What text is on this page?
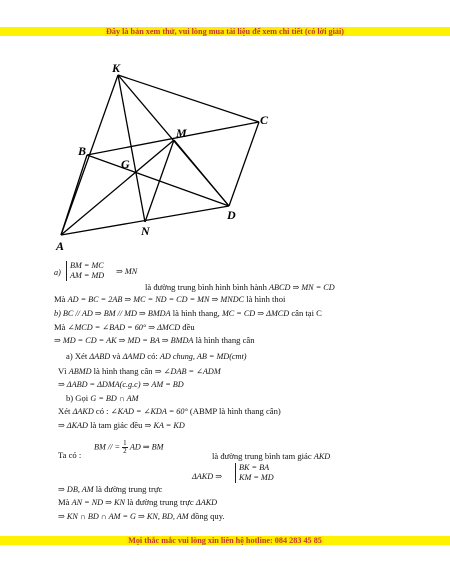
Đây là bản xem thử, vui lòng mua tài liệu để xem chi tiết (có lời giải)
K
C
B
M
G
D
N
A
a)
BM = MC
AM = MD ⇒ MN
là đường trung bình hình bình hành ABCD ⇒ MN = CD
Mà AD = BC = 2AB ⇒ MC = ND = CD = MN ⇒ MNDC là hình thoi
b) BC // AD ⇒ BM // MD ⇒ BMDA là hình thang, MC = CD ⇒ ΔMCD cân tại C
Mà ∠MCD = ∠BAD = 60° ⇒ ΔMCD đều
⇒ MD = CD = AK ⇒ MD = BA ⇒ BMDA là hình thang cân
a) Xét ΔABD và ΔAMD có: AD chung, AB = MD(cmt)
Vì ABMD là hình thang cân ⇒ ∠DAB = ∠ADM
⇒ ΔABD = ΔDMA(c.g.c) ⇒ AM = BD
b) Gọi G = BD ∩ AM
Xét ΔAKD có : ∠KAD = ∠KDA = 60° (ABMP là hình thang cân)
⇒ ΔKAD là tam giác đều ⇒ KA = KD
Ta có :
BM // = $\frac{1}{2}$ AD ⇒ BM
là đường trung bình tam giác AKD
ΔAKD ⇒
BK = BA
KM = MD
⇒ DB, AM là đường trung trực
Mà AN = ND ⇒ KN là đường trung trực ΔAKD
⇒ KN ∩ BD ∩ AM = G ⇒ KN, BD, AM đồng quy.
Mọi thắc mắc vui lòng xin liên hệ hotline: 084 283 45 85
